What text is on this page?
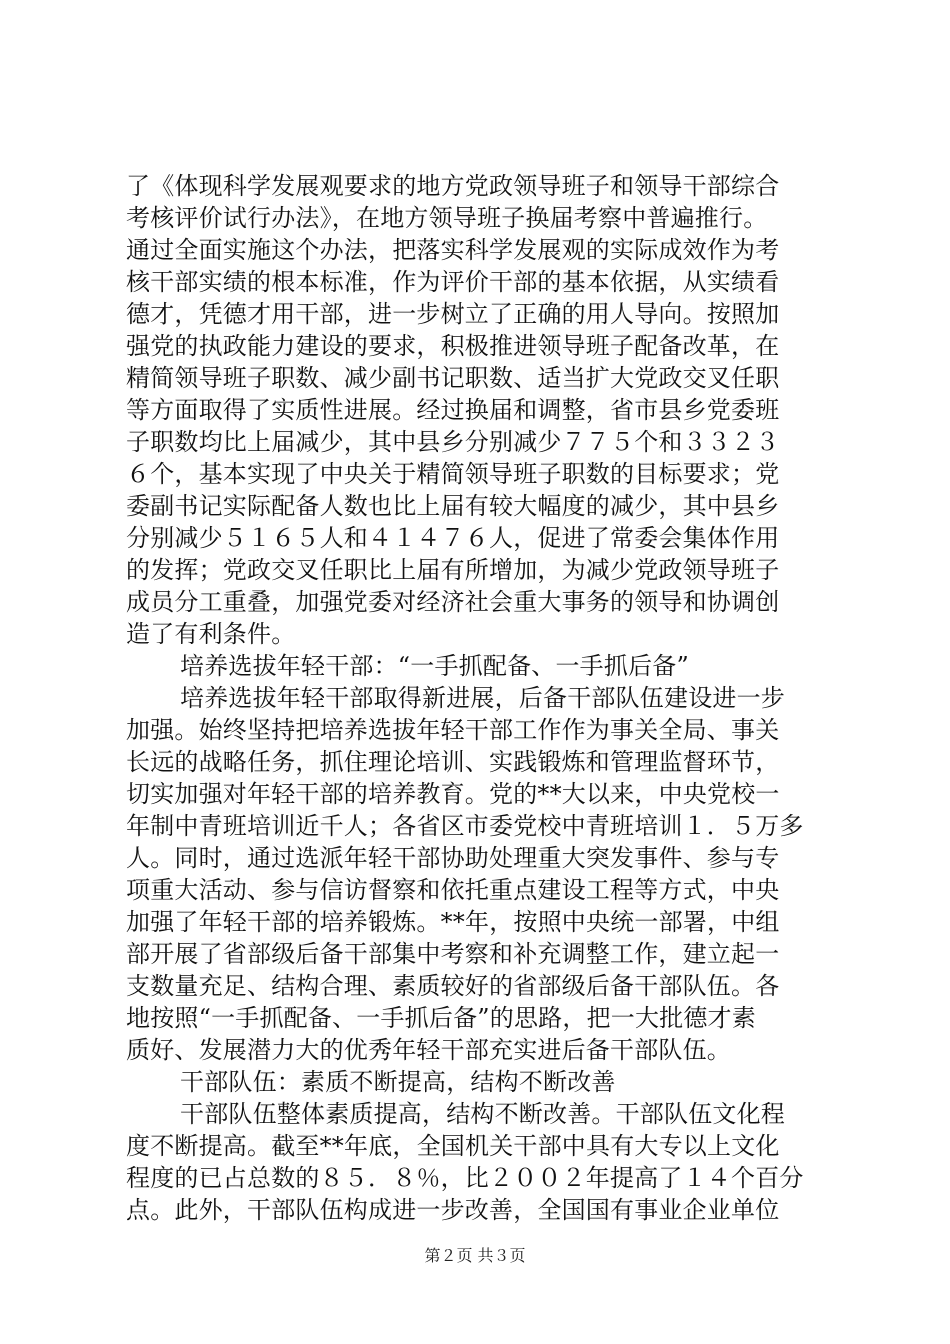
了《体现科学发展观要求的地方党政领导班子和领导干部综合
考核评价试行办法》，在地方领导班子换届考察中普遍推行。
通过全面实施这个办法，把落实科学发展观的实际成效作为考
核干部实绩的根本标准，作为评价干部的基本依据，从实绩看
德才，凭德才用干部，进一步树立了正确的用人导向。按照加
强党的执政能力建设的要求，积极推进领导班子配备改革，在
精简领导班子职数、减少副书记职数、适当扩大党政交叉任职
等方面取得了实质性进展。经过换届和调整，省市县乡党委班
子职数均比上届减少，其中县乡分别减少７７５个和３３２３
６个，基本实现了中央关于精简领导班子职数的目标要求；党
委副书记实际配备人数也比上届有较大幅度的减少，其中县乡
分别减少５１６５人和４１４７６人，促进了常委会集体作用
的发挥；党政交叉任职比上届有所增加，为减少党政领导班子
成员分工重叠，加强党委对经济社会重大事务的领导和协调创
造了有利条件。
培养选拔年轻干部：“一手抓配备、一手抓后备”
培养选拔年轻干部取得新进展，后备干部队伍建设进一步
加强。始终坚持把培养选拔年轻干部工作作为事关全局、事关
长远的战略任务，抓住理论培训、实践锻炼和管理监督环节，
切实加强对年轻干部的培养教育。党的**大以来，中央党校一
年制中青班培训近千人；各省区市委党校中青班培训１．５万多
人。同时，通过选派年轻干部协助处理重大突发事件、参与专
项重大活动、参与信访督察和依托重点建设工程等方式，中央
加强了年轻干部的培养锻炼。**年，按照中央统一部署，中组
部开展了省部级后备干部集中考察和补充调整工作，建立起一
支数量充足、结构合理、素质较好的省部级后备干部队伍。各
地按照“一手抓配备、一手抓后备”的思路，把一大批德才素
质好、发展潜力大的优秀年轻干部充实进后备干部队伍。
干部队伍：素质不断提高，结构不断改善
干部队伍整体素质提高，结构不断改善。干部队伍文化程
度不断提高。截至**年底，全国机关干部中具有大专以上文化
程度的已占总数的８５．８％，比２００２年提高了１４个百分
点。此外，干部队伍构成进一步改善，全国国有事业企业单位
第２页 共３页
